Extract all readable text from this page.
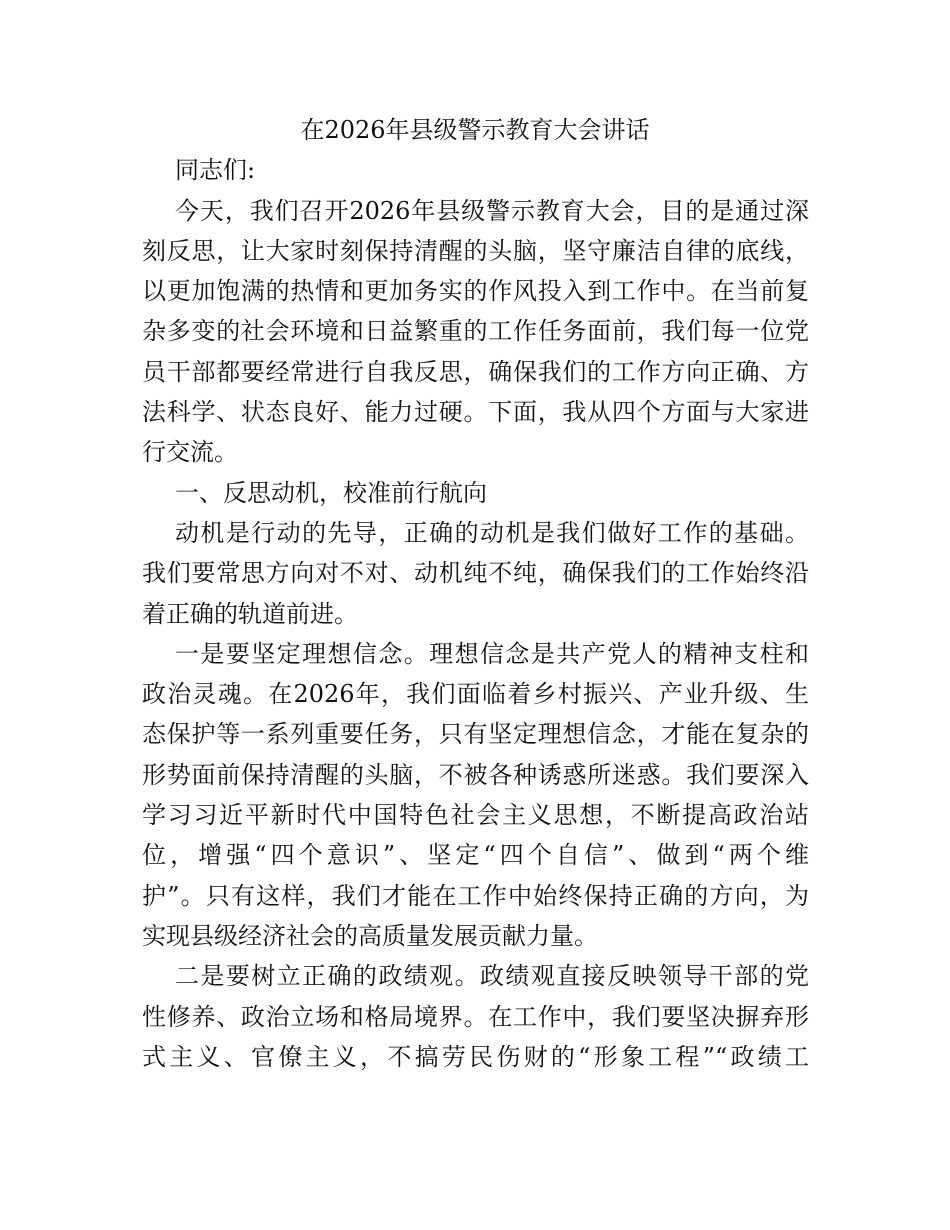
在2026年县级警示教育大会讲话
同志们:
今天，我们召开2026年县级警示教育大会，目的是通过深
刻反思，让大家时刻保持清醒的头脑，坚守廉洁自律的底线，
以更加饱满的热情和更加务实的作风投入到工作中。在当前复
杂多变的社会环境和日益繁重的工作任务面前，我们每一位党
员干部都要经常进行自我反思，确保我们的工作方向正确、方
法科学、状态良好、能力过硬。下面，我从四个方面与大家进
行交流。
一、反思动机，校准前行航向
动机是行动的先导，正确的动机是我们做好工作的基础。
我们要常思方向对不对、动机纯不纯，确保我们的工作始终沿
着正确的轨道前进。
一是要坚定理想信念。理想信念是共产党人的精神支柱和
政治灵魂。在2026年，我们面临着乡村振兴、产业升级、生
态保护等一系列重要任务，只有坚定理想信念，才能在复杂的
形势面前保持清醒的头脑，不被各种诱惑所迷惑。我们要深入
学习习近平新时代中国特色社会主义思想，不断提高政治站
位，增强“四个意识”、坚定“四个自信”、做到“两个维
护”。只有这样，我们才能在工作中始终保持正确的方向，为
实现县级经济社会的高质量发展贡献力量。
二是要树立正确的政绩观。政绩观直接反映领导干部的党
性修养、政治立场和格局境界。在工作中，我们要坚决摒弃形
式主义、官僚主义，不搞劳民伤财的“形象工程”“政绩工
